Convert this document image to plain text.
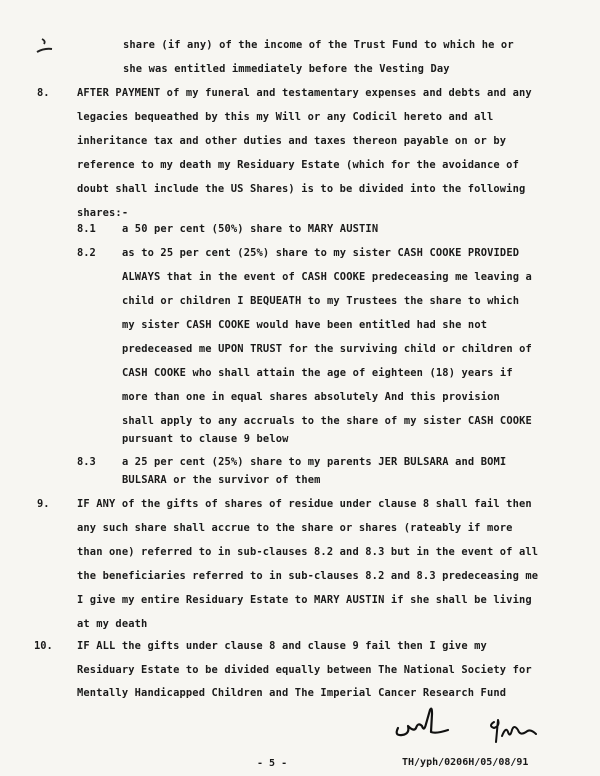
share (if any) of the income of the Trust Fund to which he or
she was entitled immediately before the Vesting Day
8.	AFTER PAYMENT of my funeral and testamentary expenses and debts and any
legacies bequeathed by this my Will or any Codicil hereto and all
inheritance tax and other duties and taxes thereon payable on or by
reference to my death my Residuary Estate (which for the avoidance of
doubt shall include the US Shares) is to be divided into the following
shares:-
8.1	a 50 per cent (50%) share to MARY AUSTIN
8.2	as to 25 per cent (25%) share to my sister CASH COOKE PROVIDED
ALWAYS that in the event of CASH COOKE predeceasing me leaving a
child or children I BEQUEATH to my Trustees the share to which
my sister CASH COOKE would have been entitled had she not
predeceased me UPON TRUST for the surviving child or children of
CASH COOKE who shall attain the age of eighteen (18) years if
more than one in equal shares absolutely And this provision
shall apply to any accruals to the share of my sister CASH COOKE
pursuant to clause 9 below
8.3	a 25 per cent (25%) share to my parents JER BULSARA and BOMI
BULSARA or the survivor of them
9.	IF ANY of the gifts of shares of residue under clause 8 shall fail then
any such share shall accrue to the share or shares (rateably if more
than one) referred to in sub-clauses 8.2 and 8.3 but in the event of all
the beneficiaries referred to in sub-clauses 8.2 and 8.3 predeceasing me
I give my entire Residuary Estate to MARY AUSTIN if she shall be living
at my death
10. IF ALL the gifts under clause 8 and clause 9 fail then I give my
Residuary Estate to be divided equally between The National Society for
Mentally Handicapped Children and The Imperial Cancer Research Fund
- 5 -	TH/yph/0206H/05/08/91
